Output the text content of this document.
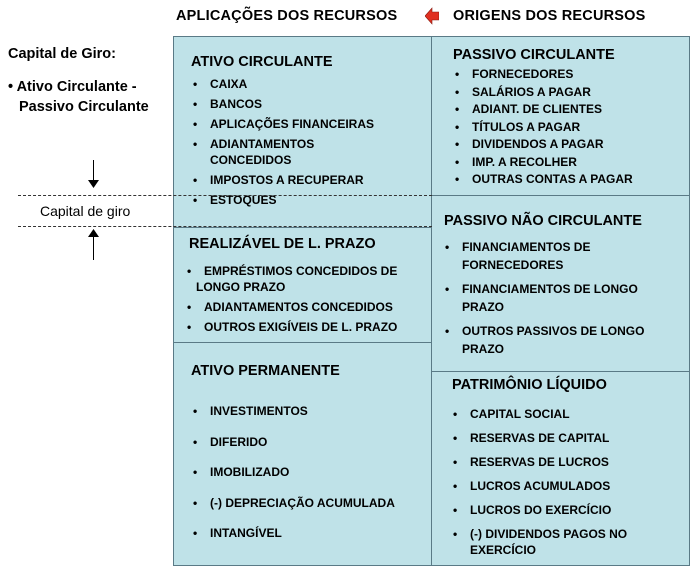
APLICAÇÕES DOS RECURSOS	ORIGENS DOS RECURSOS
Capital de Giro:
• Ativo Circulante -
Passivo Circulante
ATIVO CIRCULANTE
• CAIXA
• BANCOS
• APLICAÇÕES FINANCEIRAS
• ADIANTAMENTOS
CONCEDIDOS
• IMPOSTOS A RECUPERAR
• ESTOQUES
REALIZÁVEL DE L. PRAZO
• EMPRÉSTIMOS CONCEDIDOS DE
LONGO PRAZO
• ADIANTAMENTOS CONCEDIDOS
• OUTROS EXIGÍVEIS DE L. PRAZO
ATIVO PERMANENTE
• INVESTIMENTOS
• DIFERIDO
• IMOBILIZADO
• (-) DEPRECIAÇÃO ACUMULADA
• INTANGÍVEL
PASSIVO CIRCULANTE
• FORNECEDORES
• SALÁRIOS A PAGAR
• ADIANT. DE CLIENTES
• TÍTULOS A PAGAR
• DIVIDENDOS A PAGAR
• IMP. A RECOLHER
• OUTRAS CONTAS A PAGAR
PASSIVO NÃO CIRCULANTE
• FINANCIAMENTOS DE
FORNECEDORES
• FINANCIAMENTOS DE LONGO
PRAZO
• OUTROS PASSIVOS DE LONGO
PRAZO
PATRIMÔNIO LÍQUIDO
• CAPITAL SOCIAL
• RESERVAS DE CAPITAL
• RESERVAS DE LUCROS
• LUCROS ACUMULADOS
• LUCROS DO EXERCÍCIO
• (-) DIVIDENDOS PAGOS NO
EXERCÍCIO
Capital de giro
